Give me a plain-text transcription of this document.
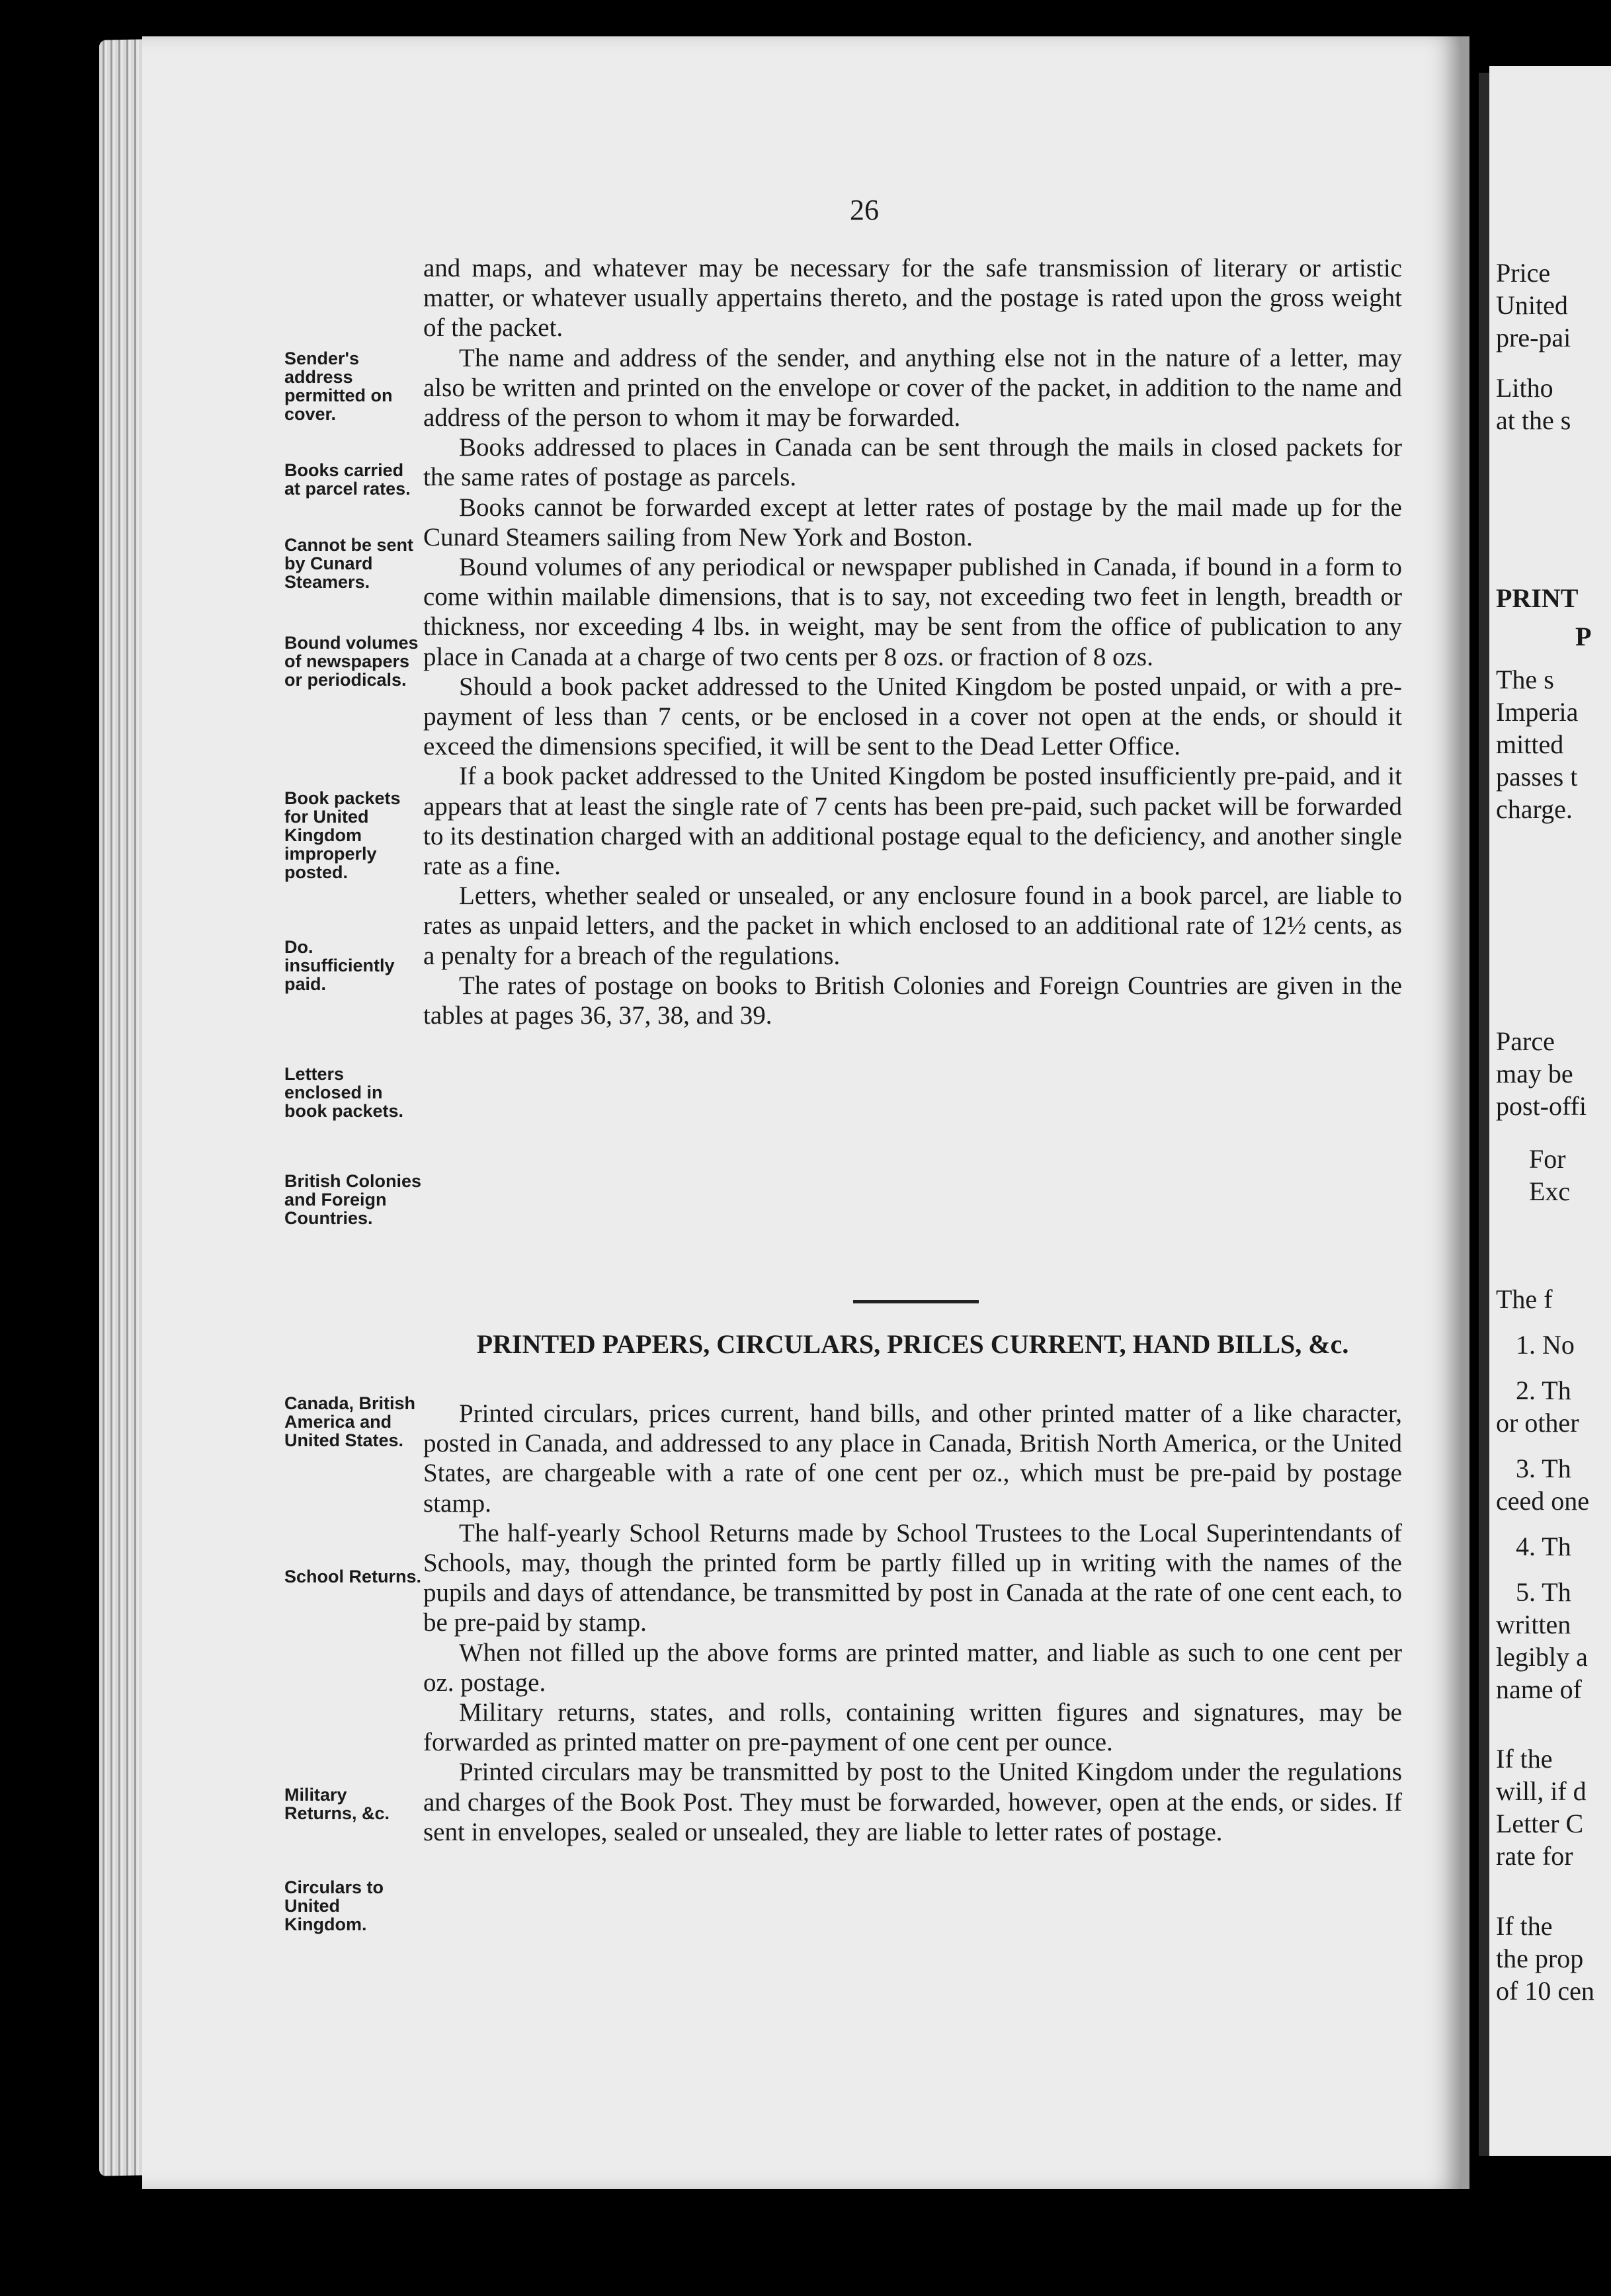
26
Sender's address permitted on cover.
Books carried at parcel rates.
Cannot be sent by Cunard Steamers.
Bound volumes of newspapers or periodicals.
Book packets for United Kingdom improperly posted.
Do. insufficiently paid.
Letters enclosed in book packets.
British Colonies and Foreign Countries.
Canada, British America and United States.
School Returns.
Military Returns, &c.
Circulars to United Kingdom.

and maps, and whatever may be necessary for the safe transmission of literary or artistic matter, or whatever usually appertains thereto, and the postage is rated upon the gross weight of the packet.

The name and address of the sender, and anything else not in the nature of a letter, may also be written and printed on the envelope or cover of the packet, in addition to the name and address of the person to whom it may be forwarded.

Books addressed to places in Canada can be sent through the mails in closed packets for the same rates of postage as parcels.

Books cannot be forwarded except at letter rates of postage by the mail made up for the Cunard Steamers sailing from New York and Boston.

Bound volumes of any periodical or newspaper published in Canada, if bound in a form to come within mailable dimensions, that is to say, not exceeding two feet in length, breadth or thickness, nor exceeding 4 lbs. in weight, may be sent from the office of publication to any place in Canada at a charge of two cents per 8 ozs. or fraction of 8 ozs.

Should a book packet addressed to the United Kingdom be posted unpaid, or with a pre-payment of less than 7 cents, or be enclosed in a cover not open at the ends, or should it exceed the dimensions specified, it will be sent to the Dead Letter Office.

If a book packet addressed to the United Kingdom be posted insufficiently pre-paid, and it appears that at least the single rate of 7 cents has been pre-paid, such packet will be forwarded to its destination charged with an additional postage equal to the deficiency, and another single rate as a fine.

Letters, whether sealed or unsealed, or any enclosure found in a book parcel, are liable to rates as unpaid letters, and the packet in which enclosed to an additional rate of 12½ cents, as a penalty for a breach of the regulations.

The rates of postage on books to British Colonies and Foreign Countries are given in the tables at pages 36, 37, 38, and 39.

PRINTED PAPERS, CIRCULARS, PRICES CURRENT, HAND BILLS, &c.

Printed circulars, prices current, hand bills, and other printed matter of a like character, posted in Canada, and addressed to any place in Canada, British North America, or the United States, are chargeable with a rate of one cent per oz., which must be pre-paid by postage stamp.

The half-yearly School Returns made by School Trustees to the Local Superintendants of Schools, may, though the printed form be partly filled up in writing with the names of the pupils and days of attendance, be transmitted by post in Canada at the rate of one cent each, to be pre-paid by stamp.

When not filled up the above forms are printed matter, and liable as such to one cent per oz. postage.

Military returns, states, and rolls, containing written figures and signatures, may be forwarded as printed matter on pre-payment of one cent per ounce.

Printed circulars may be transmitted by post to the United Kingdom under the regulations and charges of the Book Post. They must be forwarded, however, open at the ends, or sides. If sent in envelopes, sealed or unsealed, they are liable to letter rates of postage.

Price
United
pre-pai
Litho
at the s
PRINT
P
The s
Imperia
mitted
passes t
charge.
Parce
may be
post-offi
For
Exc
The f
1. No
2. Th
or other
3. Th
ceed one
4. Th
5. Th
written
legibly a
name of
If the
will, if d
Letter C
rate for
If the
the prop
of 10 cen
